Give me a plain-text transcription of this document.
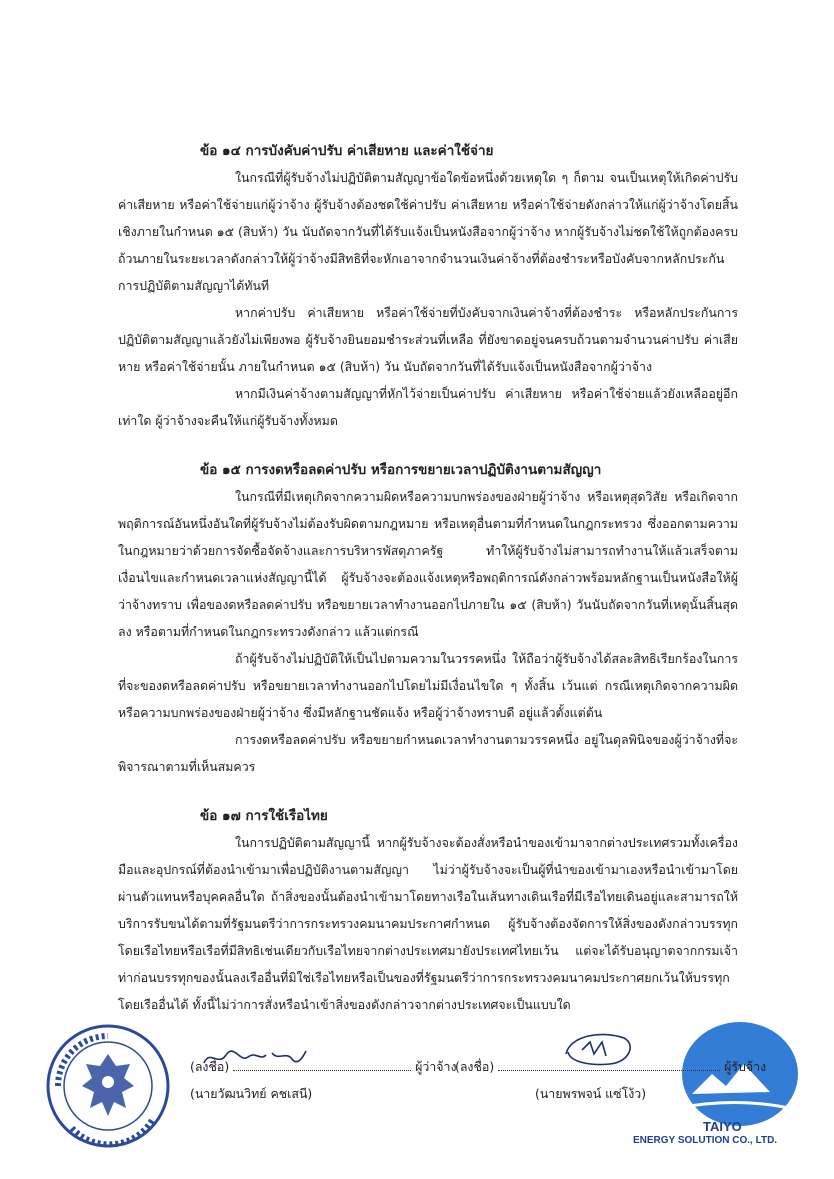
ข้อ ๑๔ การบังคับค่าปรับ ค่าเสียหาย และค่าใช้จ่าย

ในกรณีที่ผู้รับจ้างไม่ปฏิบัติตามสัญญาข้อใดข้อหนึ่งด้วยเหตุใด ๆ ก็ตาม จนเป็นเหตุให้เกิดค่าปรับ ค่าเสียหาย หรือค่าใช้จ่ายแก่ผู้ว่าจ้าง ผู้รับจ้างต้องชดใช้ค่าปรับ ค่าเสียหาย หรือค่าใช้จ่ายดังกล่าวให้แก่ผู้ว่าจ้างโดยสิ้นเชิงภายในกำหนด ๑๕ (สิบห้า) วัน นับถัดจากวันที่ได้รับแจ้งเป็นหนังสือจากผู้ว่าจ้าง หากผู้รับจ้างไม่ชดใช้ให้ถูกต้องครบถ้วนภายในระยะเวลาดังกล่าวให้ผู้ว่าจ้างมีสิทธิที่จะหักเอาจากจำนวนเงินค่าจ้างที่ต้องชำระหรือบังคับจากหลักประกันการปฏิบัติตามสัญญาได้ทันที

หากค่าปรับ ค่าเสียหาย หรือค่าใช้จ่ายที่บังคับจากเงินค่าจ้างที่ต้องชำระ หรือหลักประกันการปฏิบัติตามสัญญาแล้วยังไม่เพียงพอ ผู้รับจ้างยินยอมชำระส่วนที่เหลือ ที่ยังขาดอยู่จนครบถ้วนตามจำนวนค่าปรับ ค่าเสียหาย หรือค่าใช้จ่ายนั้น ภายในกำหนด ๑๕ (สิบห้า) วัน นับถัดจากวันที่ได้รับแจ้งเป็นหนังสือจากผู้ว่าจ้าง

หากมีเงินค่าจ้างตามสัญญาที่หักไว้จ่ายเป็นค่าปรับ ค่าเสียหาย หรือค่าใช้จ่ายแล้วยังเหลืออยู่อีกเท่าใด ผู้ว่าจ้างจะคืนให้แก่ผู้รับจ้างทั้งหมด

ข้อ ๑๕ การงดหรือลดค่าปรับ หรือการขยายเวลาปฏิบัติงานตามสัญญา

ในกรณีที่มีเหตุเกิดจากความผิดหรือความบกพร่องของฝ่ายผู้ว่าจ้าง หรือเหตุสุดวิสัย หรือเกิดจากพฤติการณ์อันหนึ่งอันใดที่ผู้รับจ้างไม่ต้องรับผิดตามกฎหมาย หรือเหตุอื่นตามที่กำหนดในกฎกระทรวง ซึ่งออกตามความในกฎหมายว่าด้วยการจัดซื้อจัดจ้างและการบริหารพัสดุภาครัฐ ทำให้ผู้รับจ้างไม่สามารถทำงานให้แล้วเสร็จตามเงื่อนไขและกำหนดเวลาแห่งสัญญานี้ได้ ผู้รับจ้างจะต้องแจ้งเหตุหรือพฤติการณ์ดังกล่าวพร้อมหลักฐานเป็นหนังสือให้ผู้ว่าจ้างทราบ เพื่อของดหรือลดค่าปรับ หรือขยายเวลาทำงานออกไปภายใน ๑๕ (สิบห้า) วันนับถัดจากวันที่เหตุนั้นสิ้นสุดลง หรือตามที่กำหนดในกฎกระทรวงดังกล่าว แล้วแต่กรณี

ถ้าผู้รับจ้างไม่ปฏิบัติให้เป็นไปตามความในวรรคหนึ่ง ให้ถือว่าผู้รับจ้างได้สละสิทธิเรียกร้องในการที่จะของดหรือลดค่าปรับ หรือขยายเวลาทำงานออกไปโดยไม่มีเงื่อนไขใด ๆ ทั้งสิ้น เว้นแต่ กรณีเหตุเกิดจากความผิดหรือความบกพร่องของฝ่ายผู้ว่าจ้าง ซึ่งมีหลักฐานชัดแจ้ง หรือผู้ว่าจ้างทราบดี อยู่แล้วตั้งแต่ต้น

การงดหรือลดค่าปรับ หรือขยายกำหนดเวลาทำงานตามวรรคหนึ่ง อยู่ในดุลพินิจของผู้ว่าจ้างที่จะพิจารณาตามที่เห็นสมควร

ข้อ ๑๗ การใช้เรือไทย

ในการปฏิบัติตามสัญญานี้ หากผู้รับจ้างจะต้องสั่งหรือนำของเข้ามาจากต่างประเทศรวมทั้งเครื่องมือและอุปกรณ์ที่ต้องนำเข้ามาเพื่อปฏิบัติงานตามสัญญา ไม่ว่าผู้รับจ้างจะเป็นผู้ที่นำของเข้ามาเองหรือนำเข้ามาโดยผ่านตัวแทนหรือบุคคลอื่นใด ถ้าสิ่งของนั้นต้องนำเข้ามาโดยทางเรือในเส้นทางเดินเรือที่มีเรือไทยเดินอยู่และสามารถให้บริการรับขนได้ตามที่รัฐมนตรีว่าการกระทรวงคมนาคมประกาศกำหนด ผู้รับจ้างต้องจัดการให้สิ่งของดังกล่าวบรรทุกโดยเรือไทยหรือเรือที่มีสิทธิเช่นเดียวกับเรือไทยจากต่างประเทศมายังประเทศไทยเว้น แต่จะได้รับอนุญาตจากกรมเจ้าท่าก่อนบรรทุกของนั้นลงเรืออื่นที่มิใช่เรือไทยหรือเป็นของที่รัฐมนตรีว่าการกระทรวงคมนาคมประกาศยกเว้นให้บรรทุกโดยเรืออื่นได้ ทั้งนี้ไม่ว่าการสั่งหรือนำเข้าสิ่งของดังกล่าวจากต่างประเทศจะเป็นแบบใด

TAIYO
ENERGY SOLUTION CO., LTD.
(ลงชื่อ)	ผู้ว่าจ้าง
(นายวัฒนวิทย์ คชเสนี)
(ลงชื่อ)	ผู้รับจ้าง
(นายพรพจน์ แซ่โง้ว)
